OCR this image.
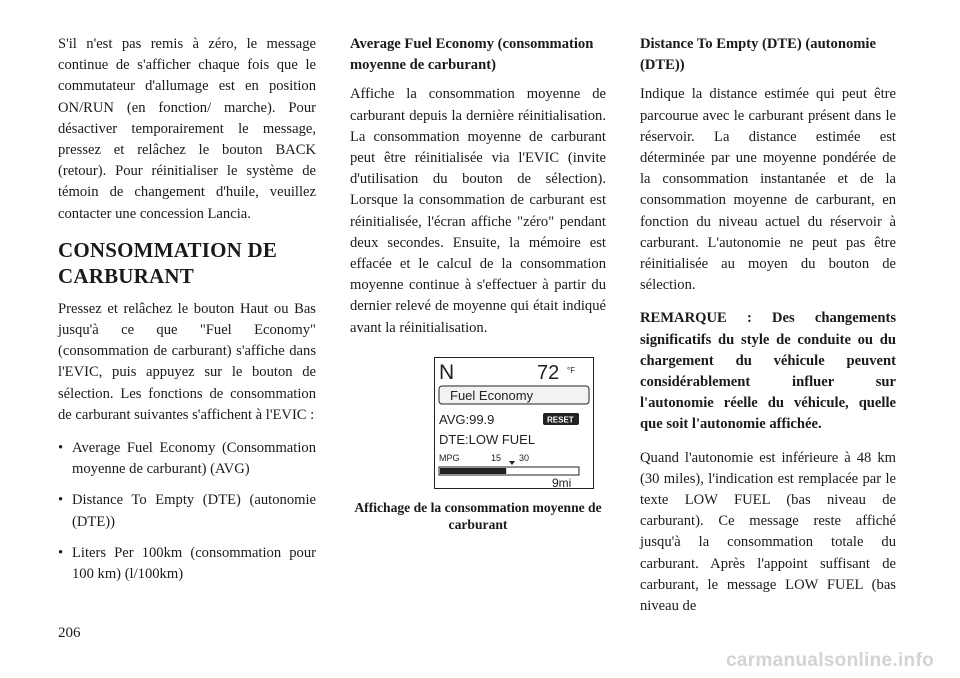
S'il n'est pas remis à zéro, le message continue de s'afficher chaque fois que le commutateur d'allumage est en position ON/RUN (en fonction/ marche). Pour désactiver temporairement le message, pressez et relâchez le bouton BACK (retour). Pour réinitialiser le système de témoin de changement d'huile, veuillez contacter une concession Lancia.

CONSOMMATION DE CARBURANT

Pressez et relâchez le bouton Haut ou Bas jusqu'à ce que "Fuel Economy" (consommation de carburant) s'affiche dans l'EVIC, puis appuyez sur le bouton de sélection. Les fonctions de consommation de carburant suivantes s'affichent à l'EVIC :

• Average Fuel Economy (Consommation moyenne de carburant) (AVG)
• Distance To Empty (DTE) (autonomie (DTE))
• Liters Per 100km (consommation pour 100 km) (l/100km)

Average Fuel Economy (consommation moyenne de carburant)

Affiche la consommation moyenne de carburant depuis la dernière réinitialisation. La consommation moyenne de carburant peut être réinitialisée via l'EVIC (invite d'utilisation du bouton de sélection). Lorsque la consommation de carburant est réinitialisée, l'écran affiche "zéro" pendant deux secondes. Ensuite, la mémoire est effacée et le calcul de la consommation moyenne continue à s'effectuer à partir du dernier relevé de moyenne qui était indiqué avant la réinitialisation.

N	72 °F
Fuel Economy
AVG:99.9	RESET
DTE:LOW FUEL
MPG	15 30
9mi
Affichage de la consommation moyenne de carburant

Distance To Empty (DTE) (autonomie (DTE))

Indique la distance estimée qui peut être parcourue avec le carburant présent dans le réservoir. La distance estimée est déterminée par une moyenne pondérée de la consommation instantanée et de la consommation moyenne de carburant, en fonction du niveau actuel du réservoir à carburant. L'autonomie ne peut pas être réinitialisée au moyen du bouton de sélection.

REMARQUE : Des changements significatifs du style de conduite ou du chargement du véhicule peuvent considérablement influer sur l'autonomie réelle du véhicule, quelle que soit l'autonomie affichée.

Quand l'autonomie est inférieure à 48 km (30 miles), l'indication est remplacée par le texte LOW FUEL (bas niveau de carburant). Ce message reste affiché jusqu'à la consommation totale du carburant. Après l'appoint suffisant de carburant, le message LOW FUEL (bas niveau de

206
carmanualsonline.info
